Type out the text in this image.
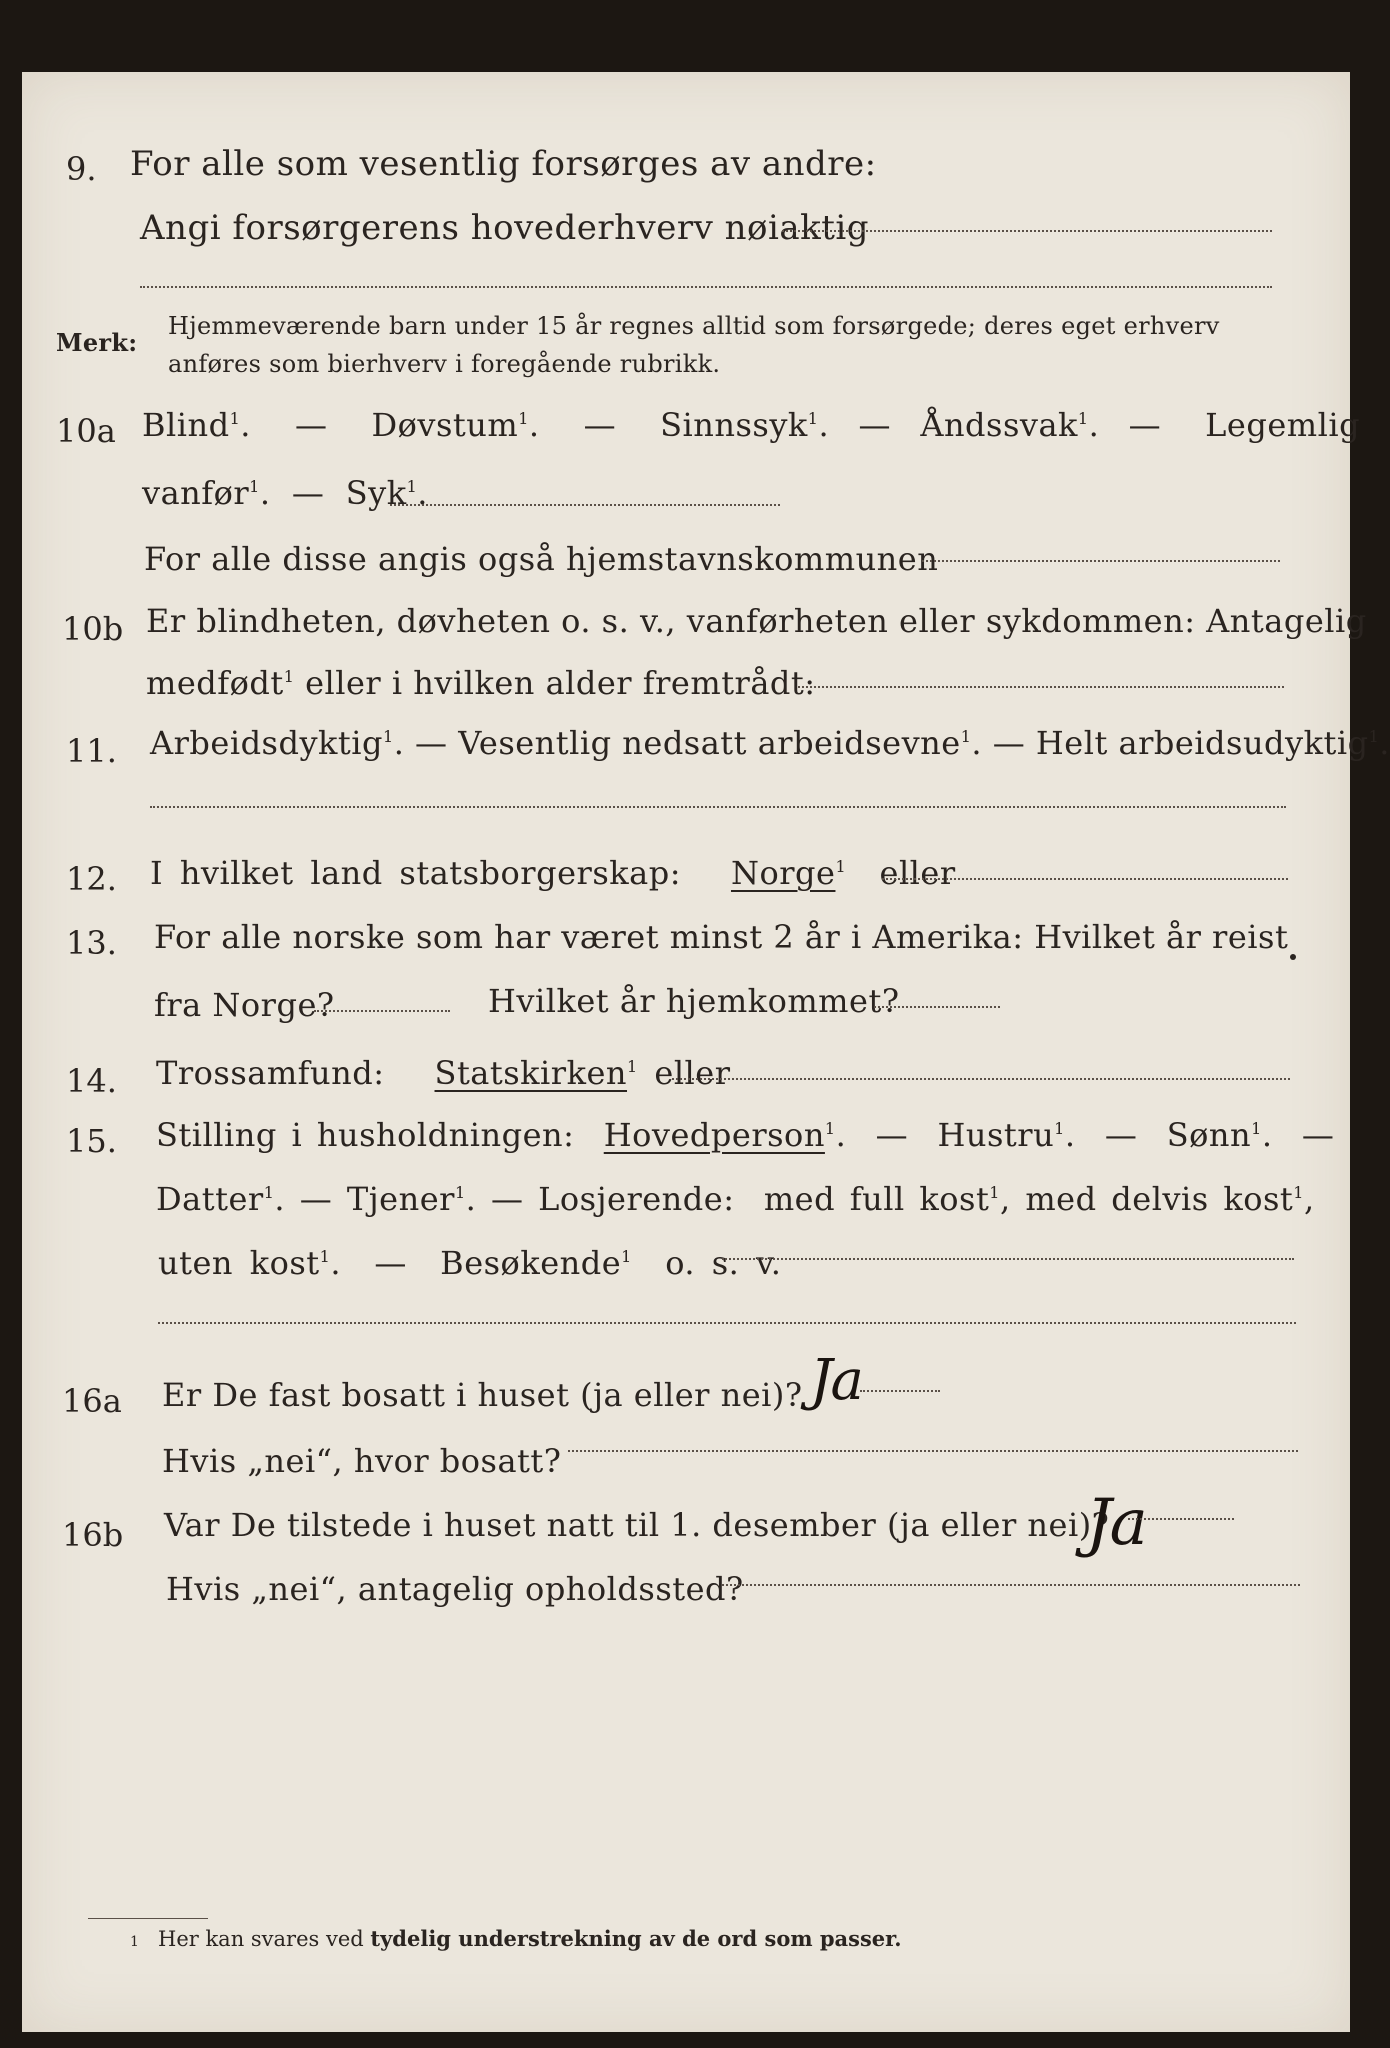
9. For alle som vesentlig forsørges av andre:
Angi forsørgerens hovederhverv nøiaktig
Merk:
Hjemmeværende barn under 15 år regnes alltid som forsørgede; deres eget erhverv
anføres som bierhverv i foregående rubrikk.
10a Blind$^1$.   — Døvstum$^1$.   — Sinnssyk$^1$.  — Åndssvak$^1$.  — Legemlig
vanfør$^1$.  — Syk$^1$.
For alle disse angis også hjemstavnskommunen
10b Er blindheten, døvheten o. s. v., vanførheten eller sykdommen: Antagelig
medfødt$^1$ eller i hvilken alder fremtrådt:
11. Arbeidsdyktig$^1$. — Vesentlig nedsatt arbeidsevne$^1$. — Helt arbeidsudyktig$^1$.
12. I hvilket land statsborgerskap: Norge$^1$ eller
13. For alle norske som har været minst 2 år i Amerika: Hvilket år reist
fra Norge?	Hvilket år hjemkommet?
14. Trossamfund: Statskirken$^1$ eller
15. Stilling i husholdningen: Hovedperson$^1$.  — Hustru$^1$.  — Sønn$^1$.  —
Datter$^1$. — Tjener$^1$. — Losjerende: med full kost$^1$, med delvis kost$^1$,
uten kost$^1$.  — Besøkende$^1$ o. s. v.
16a Er De fast bosatt i huset (ja eller nei)? Ja
Hvis „nei“, hvor bosatt?
16b Var De tilstede i huset natt til 1. desember (ja eller nei)?
Ja
Hvis „nei“, antagelig opholdssted?
1 Her kan svares ved tydelig understrekning av de ord som passer.
